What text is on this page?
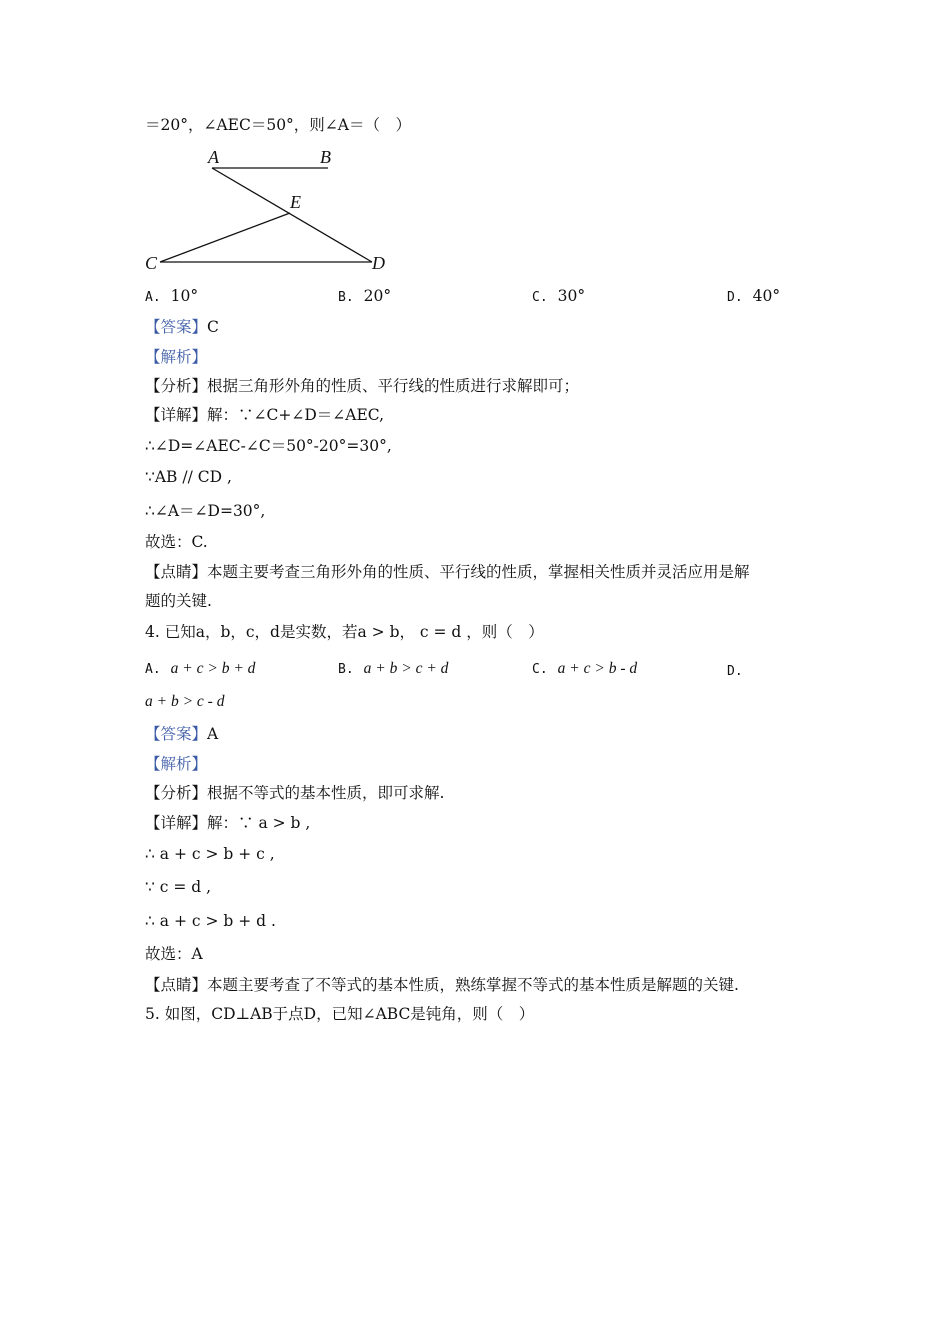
＝20°，∠AEC＝50°，则∠A＝（　）
A	B
E
C	D
A. 10°	B. 20°	C. 30°	D. 40°
【答案】C
【解析】
【分析】根据三角形外角的性质、平行线的性质进行求解即可；
【详解】解：∵∠C+∠D＝∠AEC,
∴∠D=∠AEC-∠C＝50°-20°=30°,
∵AB // CD ,
∴∠A＝∠D=30°,
故选：C.
【点睛】本题主要考查三角形外角的性质、平行线的性质，掌握相关性质并灵活应用是解
题的关键.
4. 已知a，b，c，d是实数，若a > b， c = d ，则（　）
A. a + c > b + d	B. a + b > c + d	C. a + c > b - d	D.
a + b > c - d
【答案】A
【解析】
【分析】根据不等式的基本性质，即可求解.
【详解】解：∵ a > b ,
∴ a + c > b + c ,
∵ c = d ,
∴ a + c > b + d .
故选：A
【点睛】本题主要考查了不等式的基本性质，熟练掌握不等式的基本性质是解题的关键.
5. 如图，CD⊥AB于点D，已知∠ABC是钝角，则（　）
